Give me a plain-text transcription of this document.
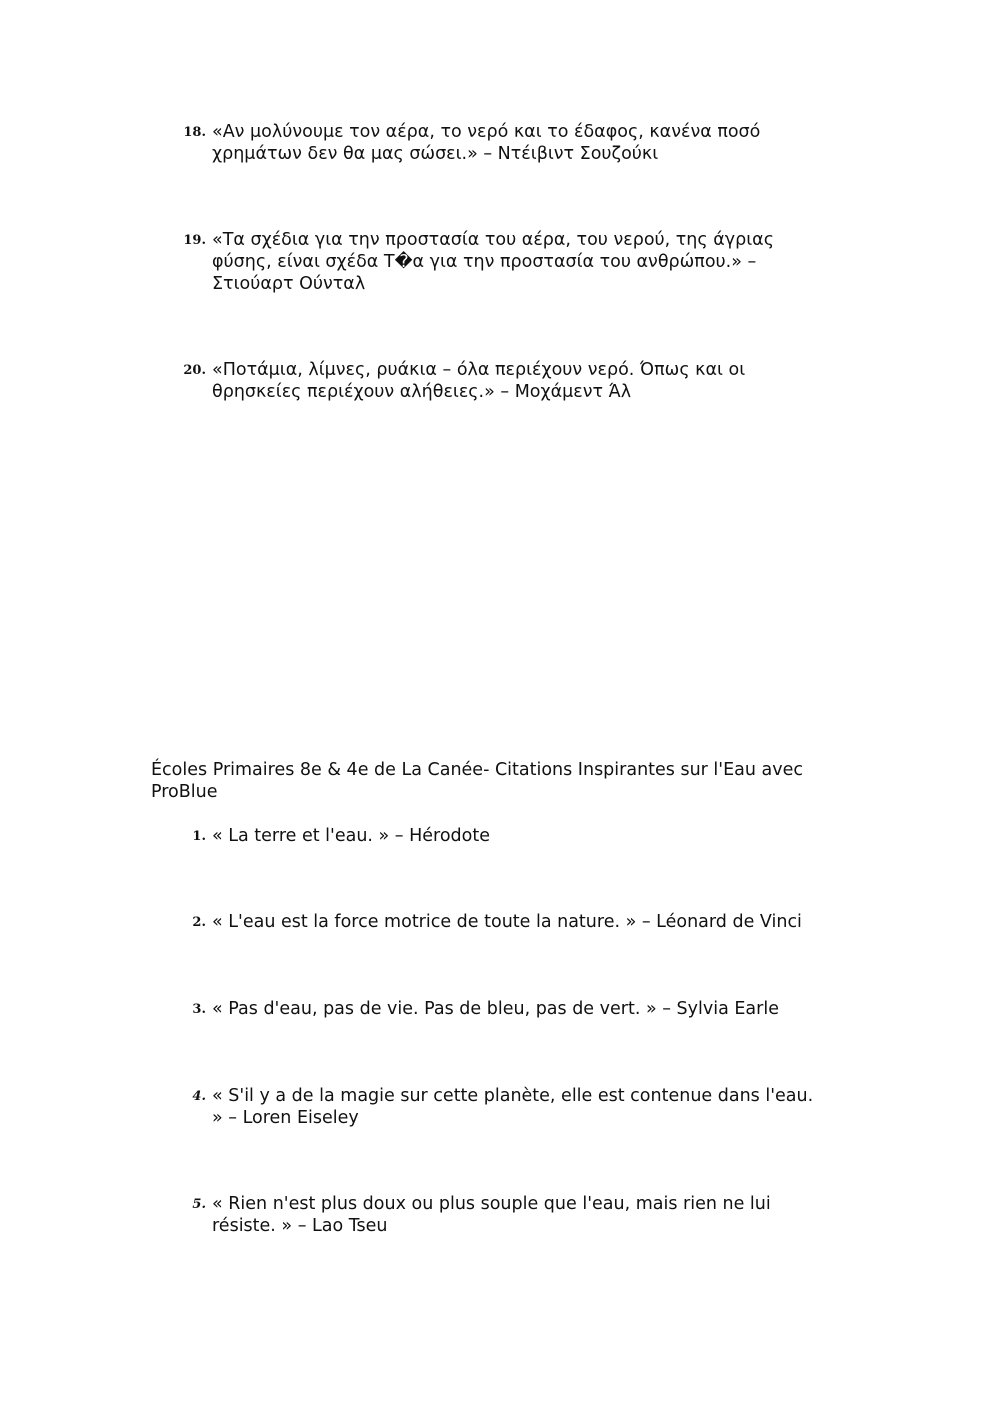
18. «Αν μολύνουμε τον αέρα, το νερό και το έδαφος, κανένα ποσό
χρημάτων δεν θα μας σώσει.» – Ντέιβιντ Σουζούκι
19. «Τα σχέδια για την προστασία του αέρα, του νερού, της άγριας
φύσης, είναι σχέδα Τ�α για την προστασία του ανθρώπου.» –
Στιούαρτ Ούνταλ
20. «Ποτάμια, λίμνες, ρυάκια – όλα περιέχουν νερό. Όπως και οι
θρησκείες περιέχουν αλήθειες.» – Μοχάμεντ Άλ
Écoles Primaires 8e & 4e de La Canée- Citations Inspirantes sur l'Eau avec ProBlue
1. « La terre et l'eau. » – Hérodote
2. « L'eau est la force motrice de toute la nature. » – Léonard de Vinci
3. « Pas d'eau, pas de vie. Pas de bleu, pas de vert. » – Sylvia Earle
4. « S'il y a de la magie sur cette planète, elle est contenue dans l'eau.
» – Loren Eiseley
5. « Rien n'est plus doux ou plus souple que l'eau, mais rien ne lui
résiste. » – Lao Tseu
